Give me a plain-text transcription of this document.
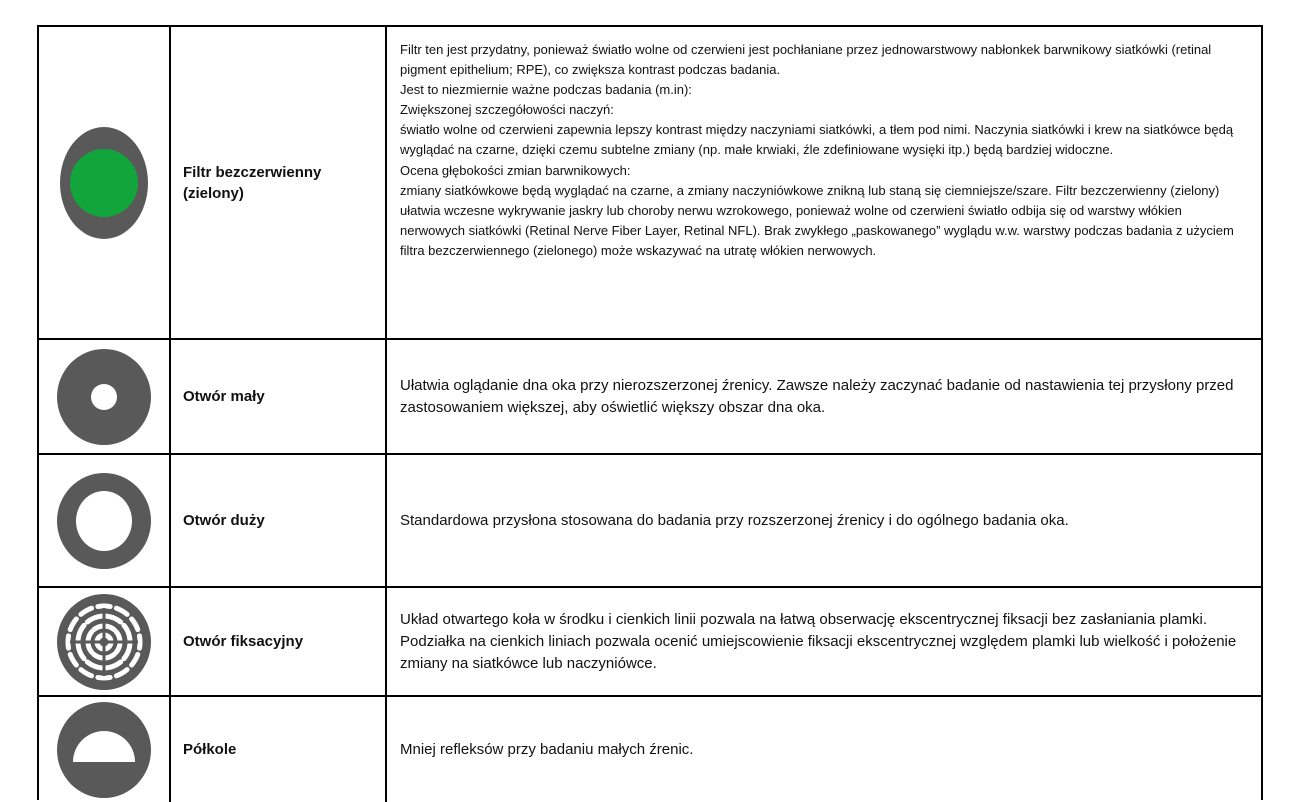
Filtr bezczerwienny (zielony)
Filtr ten jest przydatny, ponieważ światło wolne od czerwieni jest pochłaniane przez jednowarstwowy nabłonkek barwnikowy siatkówki (retinal pigment epithelium; RPE), co zwiększa kontrast podczas badania.
Jest to niezmiernie ważne podczas badania (m.in):
Zwiększonej szczegółowości naczyń:
światło wolne od czerwieni zapewnia lepszy kontrast między naczyniami siatkówki, a tłem pod nimi. Naczynia siatkówki i krew na siatkówce będą wyglądać na czarne, dzięki czemu subtelne zmiany (np. małe krwiaki, źle zdefiniowane wysięki itp.) będą bardziej widoczne.
Ocena głębokości zmian barwnikowych:
zmiany siatkówkowe będą wyglądać na czarne, a zmiany naczyniówkowe znikną lub staną się ciemniejsze/szare. Filtr bezczerwienny (zielony) ułatwia wczesne wykrywanie jaskry lub choroby nerwu wzrokowego, ponieważ wolne od czerwieni światło odbija się od warstwy włókien nerwowych siatkówki (Retinal Nerve Fiber Layer, Retinal NFL). Brak zwykłego „paskowanego” wyglądu w.w. warstwy podczas badania z użyciem filtra bezczerwiennego (zielonego) może wskazywać na utratę włókien nerwowych.
Otwór mały
Ułatwia oglądanie dna oka przy nierozszerzonej źrenicy. Zawsze należy zaczynać badanie od nastawienia tej przysłony przed zastosowaniem większej, aby oświetlić większy obszar dna oka.
Otwór duży	Standardowa przysłona stosowana do badania przy rozszerzonej źrenicy i do ogólnego badania oka.
Otwór fiksacyjny
Układ otwartego koła w środku i cienkich linii pozwala na łatwą obserwację ekscentrycznej fiksacji bez zasłaniania plamki. Podziałka na cienkich liniach pozwala ocenić umiejscowienie fiksacji ekscentrycznej względem plamki lub wielkość i położenie zmiany na siatkówce lub naczyniówce.
Półkole	Mniej refleksów przy badaniu małych źrenic.
